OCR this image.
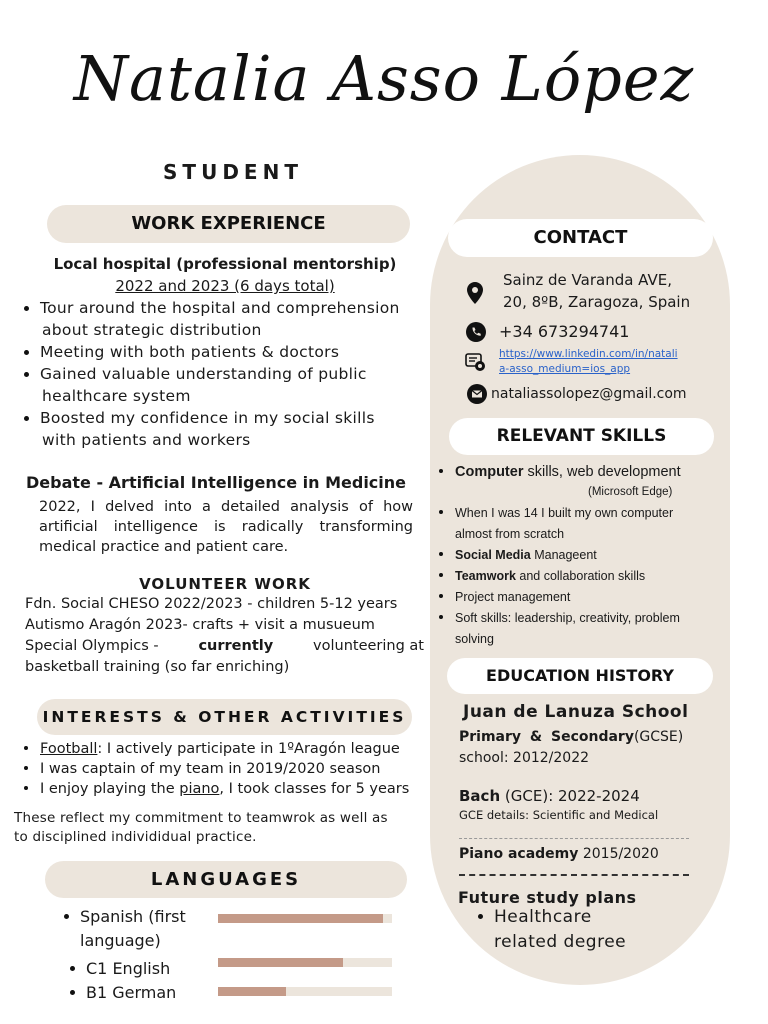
Natalia Asso López
STUDENT
WORK EXPERIENCE
Local hospital (professional mentorship)
2022 and 2023 (6 days total)
Tour around the hospital and comprehension
about strategic distribution
Meeting with both patients & doctors
Gained valuable understanding of public
healthcare system
Boosted my confidence in my social skills
with patients and workers
Debate - Artificial Intelligence in Medicine
2022, I delved into a detailed analysis of how
artificial intelligence is radically transforming
medical practice and patient care.
VOLUNTEER WORK
Fdn. Social CHESO 2022/2023 - children 5-12 years
Autismo Aragón 2023- crafts + visit a musueum
Special Olympics -	currently	volunteering at
basketball training (so far enriching)
INTERESTS & OTHER ACTIVITIES
Football: I actively participate in 1ºAragón league
I was captain of my team in 2019/2020 season
I enjoy playing the piano, I took classes for 5 years
These reflect my commitment to teamwrok as well as
to disciplined individidual practice.
LANGUAGES
Spanish (first
language)
C1 English
B1 German
CONTACT
Sainz de Varanda AVE,
20, 8ºB, Zaragoza, Spain
+34 673294741
https://www.linkedin.com/in/natali
a-asso_medium=ios_app
nataliassolopez@gmail.com
RELEVANT SKILLS
Computer skills, web development
(Microsoft Edge)
When I was 14 I built my own computer
almost from scratch
Social Media Manageent
Teamwork and collaboration skills
Project management
Soft skills: leadership, creativity, problem
solving
EDUCATION HISTORY
Juan de Lanuza School
Primary & Secondary(GCSE)
school: 2012/2022
Bach (GCE): 2022-2024
GCE details: Scientific and Medical
Piano academy 2015/2020
Future study plans
Healthcare
related degree
